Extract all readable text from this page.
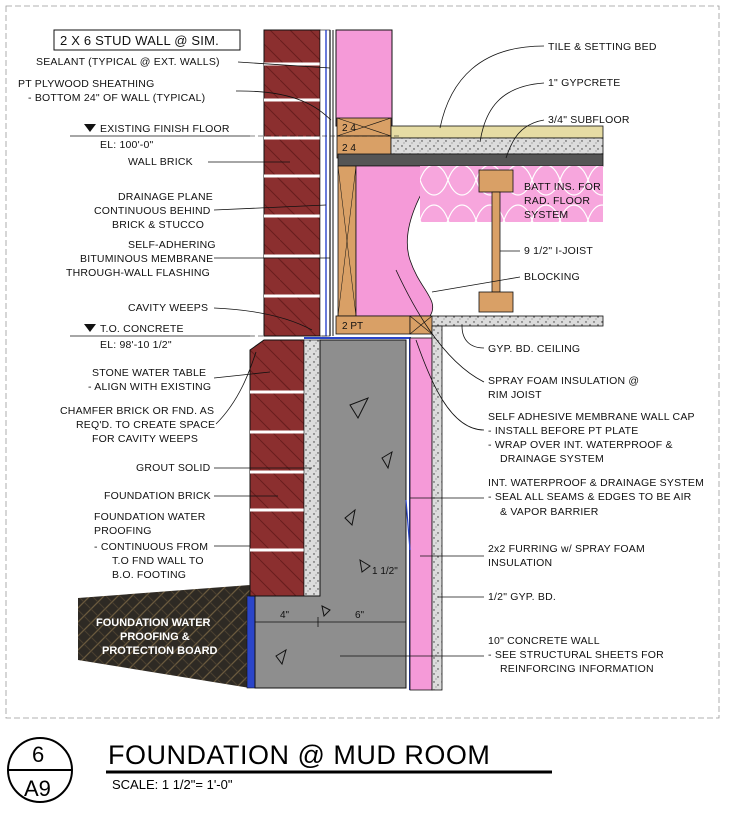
2 4
2 4
2 PT
4"	6"
1 1/2"
2 X 6 STUD WALL @ SIM.
SEALANT (TYPICAL @ EXT. WALLS)
PT PLYWOOD SHEATHING
- BOTTOM 24" OF WALL (TYPICAL)
EXISTING FINISH FLOOR
EL: 100'-0"
WALL BRICK
DRAINAGE PLANE
CONTINUOUS BEHIND
BRICK & STUCCO
SELF-ADHERING
BITUMINOUS MEMBRANE
THROUGH-WALL FLASHING
CAVITY WEEPS
T.O. CONCRETE
EL: 98'-10 1/2"
STONE WATER TABLE
- ALIGN WITH EXISTING
CHAMFER BRICK OR FND. AS
REQ'D. TO CREATE SPACE
FOR CAVITY WEEPS
GROUT SOLID
FOUNDATION BRICK
FOUNDATION WATER
PROOFING
- CONTINUOUS FROM
T.O FND WALL TO
B.O. FOOTING
FOUNDATION WATER
PROOFING &
PROTECTION BOARD
TILE & SETTING BED
1" GYPCRETE
3/4" SUBFLOOR
BATT INS. FOR
RAD. FLOOR
SYSTEM
9 1/2" I-JOIST
BLOCKING
GYP. BD. CEILING
SPRAY FOAM INSULATION @
RIM JOIST
SELF ADHESIVE MEMBRANE WALL CAP
- INSTALL BEFORE PT PLATE
- WRAP OVER INT. WATERPROOF &
DRAINAGE SYSTEM
INT. WATERPROOF & DRAINAGE SYSTEM
- SEAL ALL SEAMS & EDGES TO BE AIR
& VAPOR BARRIER
2x2 FURRING w/ SPRAY FOAM
INSULATION
1/2" GYP. BD.
10" CONCRETE WALL
- SEE STRUCTURAL SHEETS FOR
REINFORCING INFORMATION
6
A9
FOUNDATION @ MUD ROOM
SCALE: 1 1/2"= 1'-0"
